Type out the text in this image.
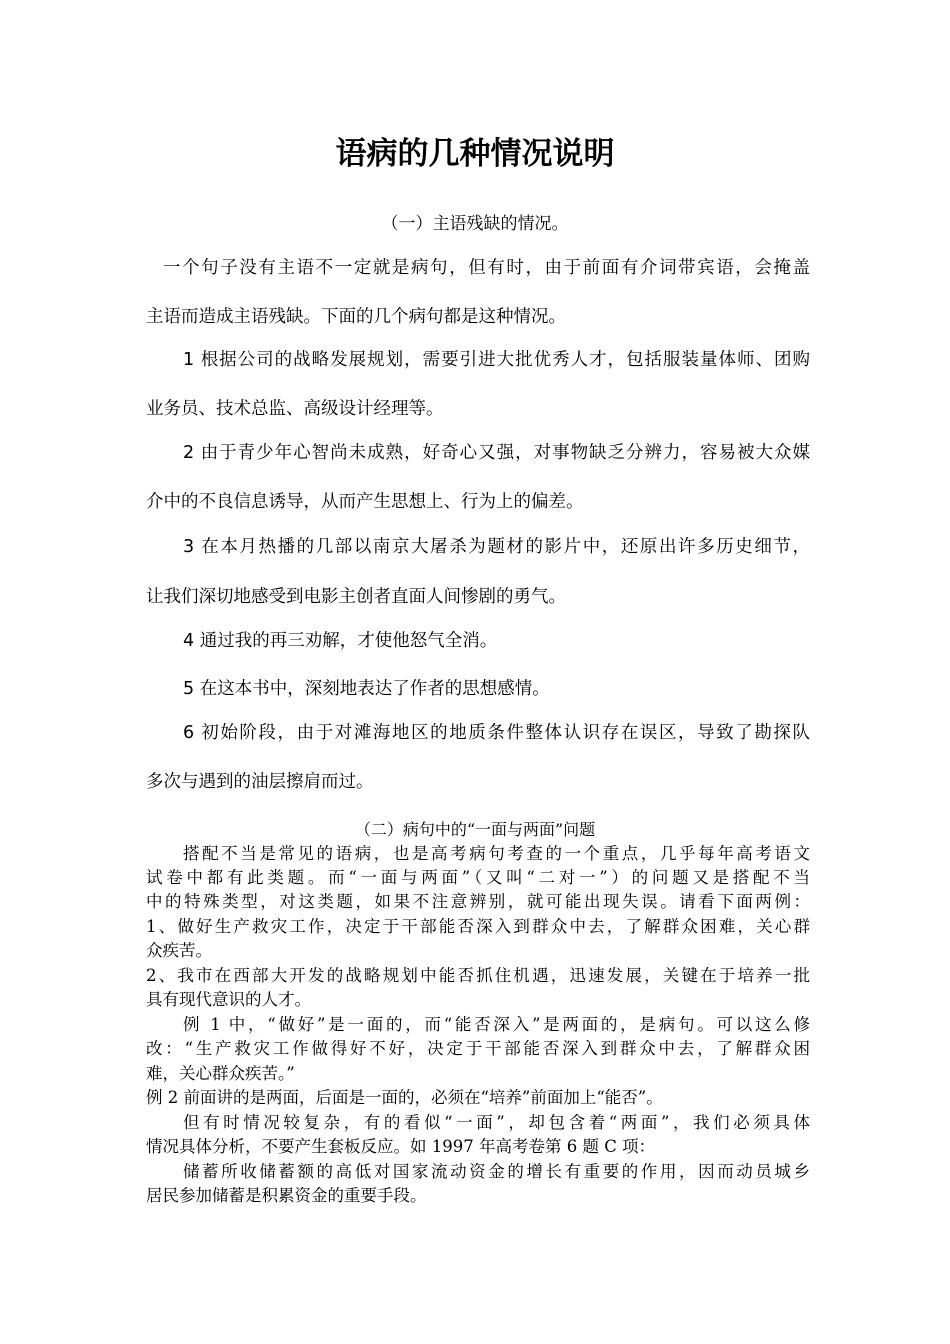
语病的几种情况说明
（一）主语残缺的情况。
一个句子没有主语不一定就是病句，但有时，由于前面有介词带宾语，会掩盖
主语而造成主语残缺。下面的几个病句都是这种情况。
1 根据公司的战略发展规划，需要引进大批优秀人才，包括服装量体师、团购
业务员、技术总监、高级设计经理等。
2 由于青少年心智尚未成熟，好奇心又强，对事物缺乏分辨力，容易被大众媒
介中的不良信息诱导，从而产生思想上、行为上的偏差。
3 在本月热播的几部以南京大屠杀为题材的影片中，还原出许多历史细节，
让我们深切地感受到电影主创者直面人间惨剧的勇气。
4 通过我的再三劝解，才使他怒气全消。
5 在这本书中，深刻地表达了作者的思想感情。
6 初始阶段，由于对滩海地区的地质条件整体认识存在误区，导致了勘探队
多次与遇到的油层擦肩而过。
（二）病句中的“一面与两面”问题
搭配不当是常见的语病，也是高考病句考查的一个重点，几乎每年高考语文
试卷中都有此类题。而“一面与两面”（又叫“二对一”）的问题又是搭配不当
中的特殊类型，对这类题，如果不注意辨别，就可能出现失误。请看下面两例：
1、做好生产救灾工作，决定于干部能否深入到群众中去，了解群众困难，关心群
众疾苦。
2、我市在西部大开发的战略规划中能否抓住机遇，迅速发展，关键在于培养一批
具有现代意识的人才。
例 1 中，“做好”是一面的，而“能否深入”是两面的，是病句。可以这么修
改：“生产救灾工作做得好不好，决定于干部能否深入到群众中去，了解群众困
难，关心群众疾苦。”
例 2 前面讲的是两面，后面是一面的，必须在“培养”前面加上“能否”。
但有时情况较复杂，有的看似“一面”，却包含着“两面”，我们必须具体
情况具体分析，不要产生套板反应。如 1997 年高考卷第 6 题 C 项：
储蓄所收储蓄额的高低对国家流动资金的增长有重要的作用，因而动员城乡
居民参加储蓄是积累资金的重要手段。
